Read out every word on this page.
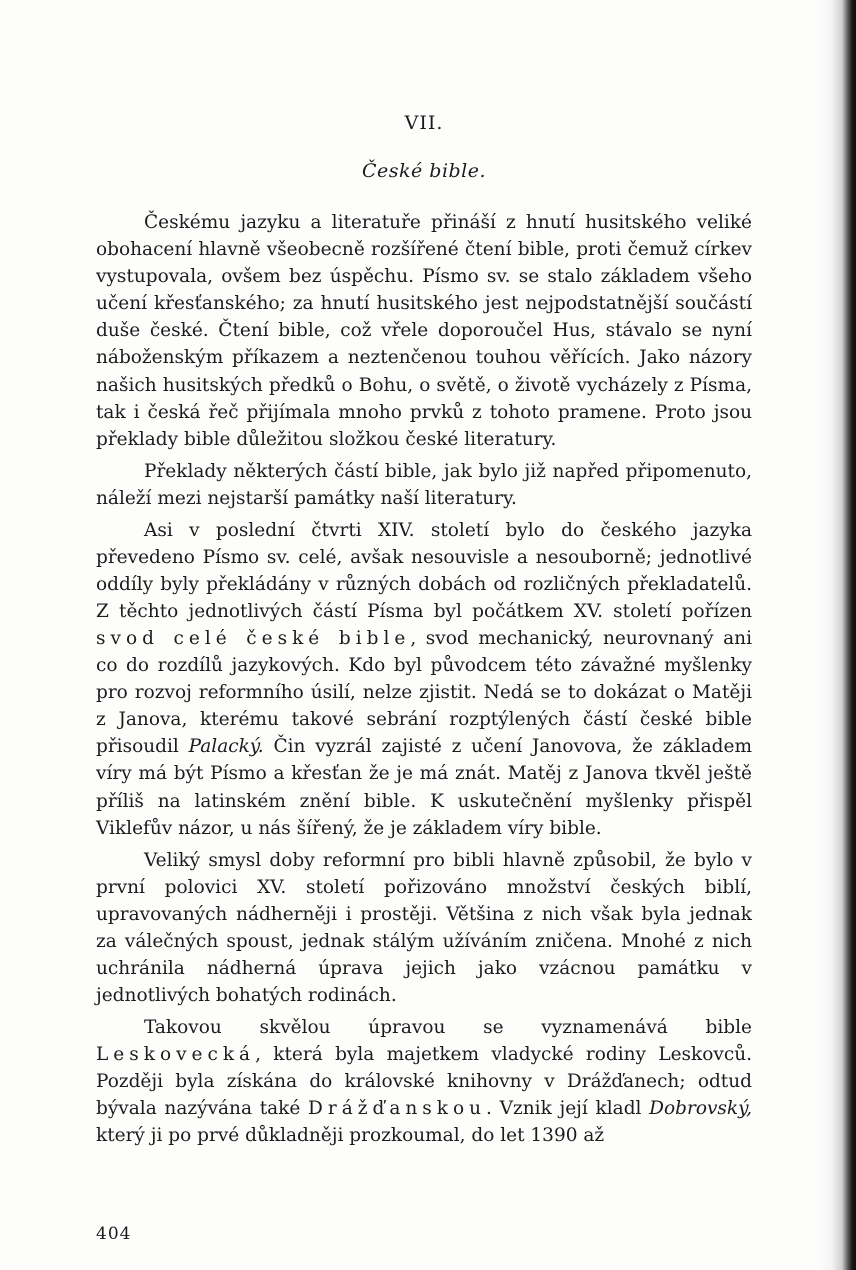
VII.
České bible.

Českému jazyku a literatuře přináší z hnutí husitského veliké obohacení hlavně všeobecně rozšířené čtení bible, proti čemuž církev vystupovala, ovšem bez úspěchu. Písmo sv. se stalo základem všeho učení křesťanského; za hnutí husitského jest nejpodstatnější součástí duše české. Čtení bible, což vřele doporoučel Hus, stávalo se nyní náboženským příkazem a neztenčenou touhou věřících. Jako názory našich husitských předků o Bohu, o světě, o životě vycházely z Písma, tak i česká řeč přijímala mnoho prvků z tohoto pramene. Proto jsou překlady bible důležitou složkou české literatury.

Překlady některých částí bible, jak bylo již napřed připomenuto, náleží mezi nejstarší památky naší literatury.

Asi v poslední čtvrti XIV. století bylo do českého jazyka převedeno Písmo sv. celé, avšak nesouvisle a nesouborně; jednotlivé oddíly byly překládány v různých dobách od rozličných překladatelů. Z těchto jednotlivých částí Písma byl počátkem XV. století pořízen svod celé české bible, svod mechanický, neurovnaný ani co do rozdílů jazykových. Kdo byl původcem této závažné myšlenky pro rozvoj reformního úsilí, nelze zjistit. Nedá se to dokázat o Matěji z Janova, kterému takové sebrání rozptýlených částí české bible přisoudil Palacký. Čin vyzrál zajisté z učení Janovova, že základem víry má být Písmo a křesťan že je má znát. Matěj z Janova tkvěl ještě příliš na latinském znění bible. K uskutečnění myšlenky přispěl Viklefův názor, u nás šířený, že je základem víry bible.

Veliký smysl doby reformní pro bibli hlavně způsobil, že bylo v první polovici XV. století pořizováno množství českých biblí, upravovaných nádherněji i prostěji. Většina z nich však byla jednak za válečných spoust, jednak stálým užíváním zničena. Mnohé z nich uchránila nádherná úprava jejich jako vzácnou památku v jednotlivých bohatých rodinách.

Takovou skvělou úpravou se vyznamenává bible Leskovecká, která byla majetkem vladycké rodiny Leskovců. Později byla získána do královské knihovny v Drážďanech; odtud bývala nazývána také Drážďanskou. Vznik její kladl Dobrovský, který ji po prvé důkladněji prozkoumal, do let 1390 až

404
